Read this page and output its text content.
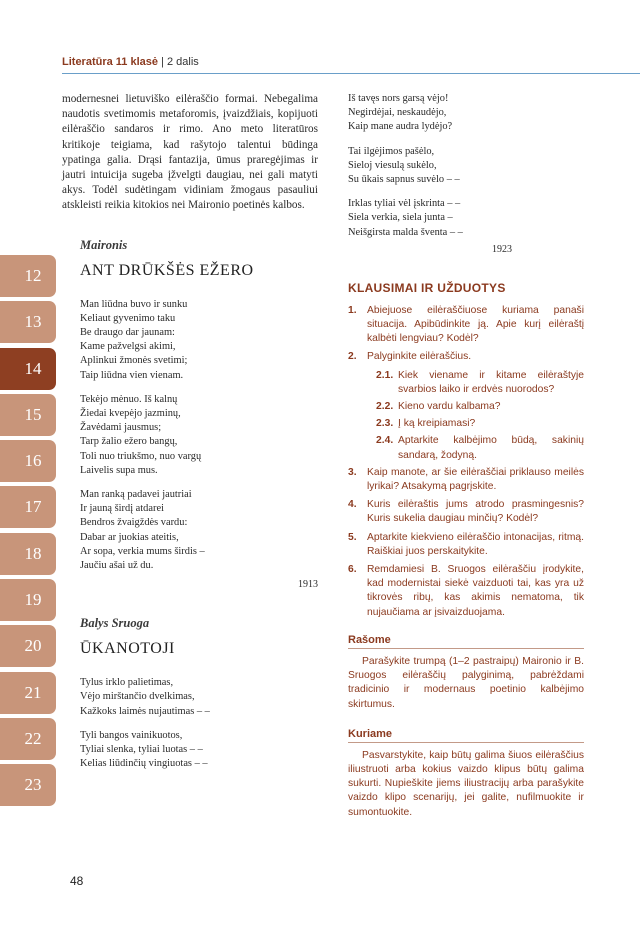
Literatūra 11 klasė | 2 dalis
12
13
14
15
16
17
18
19
20
21
22
23

modernesnei lietuviško eilėraščio formai. Nebegalima naudotis svetimomis metaforomis, įvaizdžiais, kopijuoti eilėraščio sandaros ir rimo. Ano meto literatūros kritikoje teigiama, kad rašytojo talentui būdinga ypatinga galia. Drąsi fantazija, ūmus praregėjimas ir jautri intuicija sugeba įžvelgti daugiau, nei gali matyti akys. Todėl sudėtingam vidiniam žmogaus pasauliui atskleisti reikia kitokios nei Maironio poetinės kalbos.

Maironis
ANT DRŪKŠĖS EŽERO
Man liūdna buvo ir sunku
Keliaut gyvenimo taku
Be draugo dar jaunam:
Kame pažvelgsi akimi,
Aplinkui žmonės svetimi;
Taip liūdna vien vienam.
Tekėjo mėnuo. Iš kalnų
Žiedai kvepėjo jazminų,
Žavėdami jausmus;
Tarp žalio ežero bangų,
Toli nuo triukšmo, nuo vargų
Laivelis supa mus.
Man ranką padavei jautriai
Ir jauną širdį atdarei
Bendros žvaigždės vardu:
Dabar ar juokias ateitis,
Ar sopa, verkia mums širdis –
Jaučiu ašai už du.
1913
Balys Sruoga
ŪKANOTOJI
Tylus irklo palietimas,
Vėjo mirštančio dvelkimas,
Kažkoks laimės nujautimas – –
Tyli bangos vainikuotos,
Tyliai slenka, tyliai luotas – –
Kelias liūdinčių vingiuotas – –
Iš tavęs nors garsą vėjo!
Negirdėjai, neskaudėjo,
Kaip mane audra lydėjo?
Tai ilgėjimos pašėlo,
Sieloj viesulą sukėlo,
Su ūkais sapnus suvėlo – –
Irklas tyliai vėl įskrinta – –
Siela verkia, siela junta –
Neišgirsta malda šventa – –
1923
KLAUSIMAI IR UŽDUOTYS
1.	Abiejuose eilėraščiuose kuriama panaši situacija. Apibūdinkite ją. Apie kurį eilėraštį kalbėti lengviau? Kodėl?
2.	Palyginkite eilėraščius.
2.1. Kiek viename ir kitame eilėraštyje svarbios laiko ir erdvės nuorodos?
2.2. Kieno vardu kalbama?
2.3. Į ką kreipiamasi?
2.4. Aptarkite kalbėjimo būdą, sakinių sandarą, žodyną.
3.	Kaip manote, ar šie eilėraščiai priklauso meilės lyrikai? Atsakymą pagrįskite.
4.	Kuris eilėraštis jums atrodo prasmingesnis? Kuris sukelia daugiau minčių? Kodėl?
5.	Aptarkite kiekvieno eilėraščio intonacijas, ritmą. Raiškiai juos perskaitykite.
6.	Remdamiesi B. Sruogos eilėraščiu įrodykite, kad modernistai siekė vaizduoti tai, kas yra už tikrovės ribų, kas akimis nematoma, tik nujaučiama ar įsivaizduojama.
Rašome

Parašykite trumpą (1–2 pastraipų) Maironio ir B. Sruogos eilėraščių palyginimą, pabrėždami tradicinio ir modernaus poetinio kalbėjimo skirtumus.

Kuriame

Pasvarstykite, kaip būtų galima šiuos eilėraščius iliustruoti arba kokius vaizdo klipus būtų galima sukurti. Nupieškite jiems iliustracijų arba parašykite vaizdo klipo scenarijų, jei galite, nufilmuokite ir sumontuokite.

48
